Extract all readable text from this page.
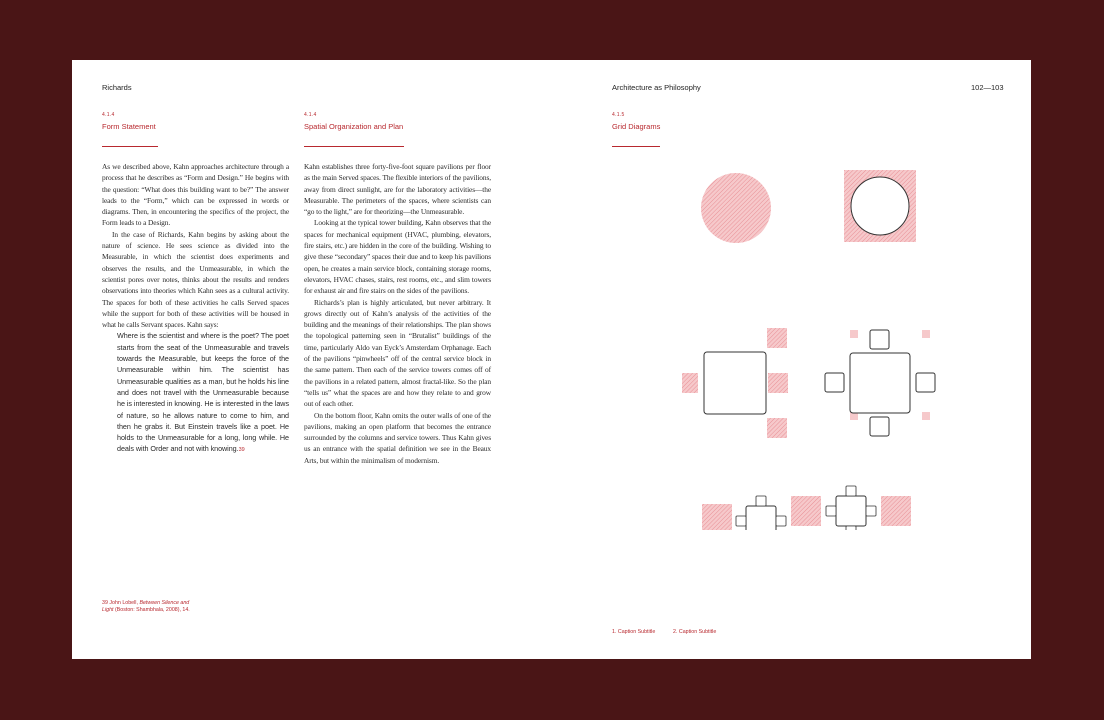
Richards	Architecture as Philosophy	102—103
4.1.4
Form Statement
4.1.4
Spatial Organization and Plan
4.1.5
Grid Diagrams

As we described above, Kahn approaches architecture through a process that he describes as “Form and Design.” He begins with the question: “What does this building want to be?” The answer leads to the “Form,” which can be expressed in words or diagrams. Then, in encountering the specifics of the project, the Form leads to a Design.

In the case of Richards, Kahn begins by asking about the nature of science. He sees science as divided into the Measurable, in which the scientist does experiments and observes the results, and the Unmeasurable, in which the scientist pores over notes, thinks about the results and renders observations into theories which Kahn sees as a cultural activity. The spaces for both of these activities he calls Served spaces while the support for both of these activities will be housed in what he calls Servant spaces. Kahn says:

Where is the scientist and where is the poet? The poet starts from the seat of the Unmeasurable and travels towards the Measurable, but keeps the force of the Unmeasurable within him. The scientist has Unmeasurable qualities as a man, but he holds his line and does not travel with the Unmeasurable because he is interested in knowing. He is interested in the laws of nature, so he allows nature to come to him, and then he grabs it. But Einstein travels like a poet. He holds to the Unmeasurable for a long, long while. He deals with Order and not with knowing.39

Kahn establishes three forty-five-foot square pavilions per floor as the main Served spaces. The flexible interiors of the pavilions, away from direct sunlight, are for the laboratory activities—the Measurable. The perimeters of the spaces, where scientists can “go to the light,” are for theorizing—the Unmeasurable.

Looking at the typical tower building, Kahn observes that the spaces for mechanical equipment (HVAC, plumbing, elevators, fire stairs, etc.) are hidden in the core of the building. Wishing to give these “secondary” spaces their due and to keep his pavilions open, he creates a main service block, containing storage rooms, elevators, HVAC chases, stairs, rest rooms, etc., and slim towers for exhaust air and fire stairs on the sides of the pavilions.

Richards’s plan is highly articulated, but never arbitrary. It grows directly out of Kahn’s analysis of the activities of the building and the meanings of their relationships. The plan shows the topological patterning seen in “Brutalist” buildings of the time, particularly Aldo van Eyck’s Amsterdam Orphanage. Each of the pavilions “pinwheels” off of the central service block in the same pattern. Then each of the service towers comes off of the pavilions in a related pattern, almost fractal-like. So the plan “tells us” what the spaces are and how they relate to and grow out of each other.

On the bottom floor, Kahn omits the outer walls of one of the pavilions, making an open platform that becomes the entrance surrounded by the columns and service towers. Thus Kahn gives us an entrance with the spatial definition we see in the Beaux Arts, but within the minimalism of modernism.

39 John Lobell, Between Silence and Light (Boston: Shambhala, 2008), 14.
1. Caption Subtitle	2. Caption Subtitle
